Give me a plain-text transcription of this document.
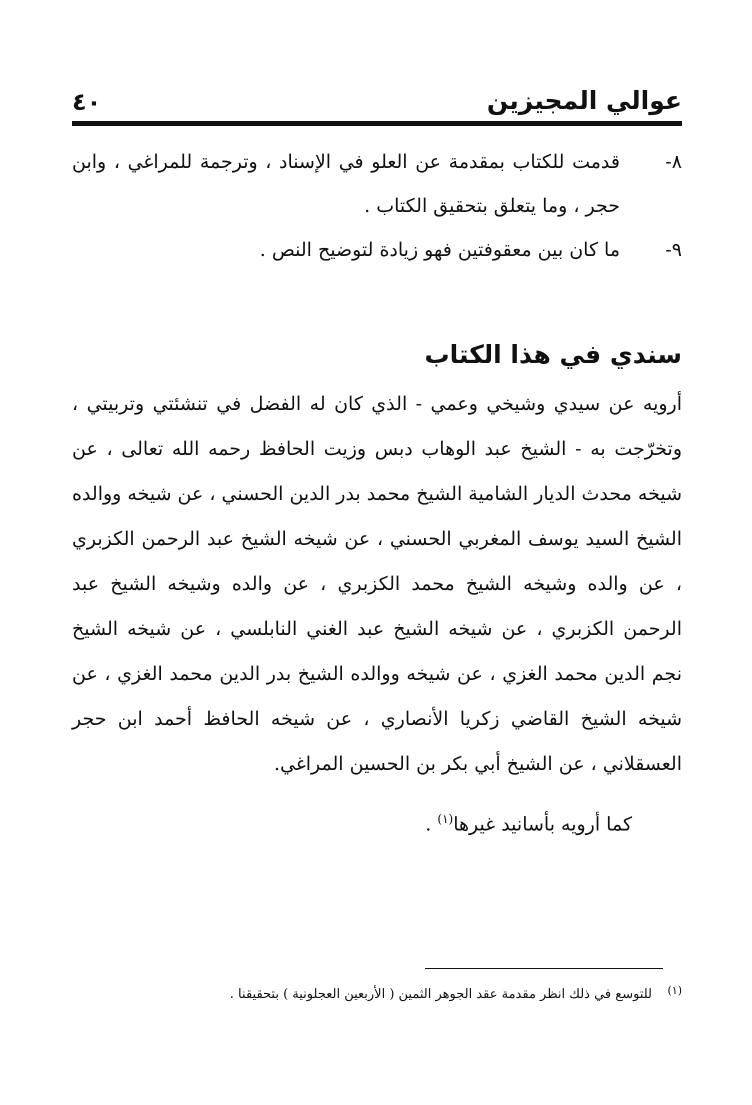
عوالي المجيزين
٤٠
٨-
قدمت للكتاب بمقدمة عن العلو في الإسناد ، وترجمة للمراغي ، وابن حجر ، وما يتعلق بتحقيق الكتاب .
٩-
ما كان بين معقوفتين فهو زيادة لتوضيح النص .
سندي في هذا الكتاب

أرويه عن سيدي وشيخي وعمي - الذي كان له الفضل في تنشئتي وتربيتي ، وتخرّجت به - الشيخ عبد الوهاب دبس وزيت الحافظ رحمه الله تعالى ، عن شيخه محدث الديار الشامية الشيخ محمد بدر الدين الحسني ، عن شيخه ووالده الشيخ السيد يوسف المغربي الحسني ، عن شيخه الشيخ عبد الرحمن الكزبري ، عن والده وشيخه الشيخ محمد الكزبري ، عن والده وشيخه الشيخ عبد الرحمن الكزبري ، عن شيخه الشيخ عبد الغني النابلسي ، عن شيخه الشيخ نجم الدين محمد الغزي ، عن شيخه ووالده الشيخ بدر الدين محمد الغزي ، عن شيخه الشيخ القاضي زكريا الأنصاري ، عن شيخه الحافظ أحمد ابن حجر العسقلاني ، عن الشيخ أبي بكر بن الحسين المراغي.

كما أرويه بأسانيد غيرها$^{(١)}$ .
(١)
للتوسع في ذلك انظر مقدمة عقد الجوهر الثمين ( الأربعين العجلونية ) بتحقيقنا .
